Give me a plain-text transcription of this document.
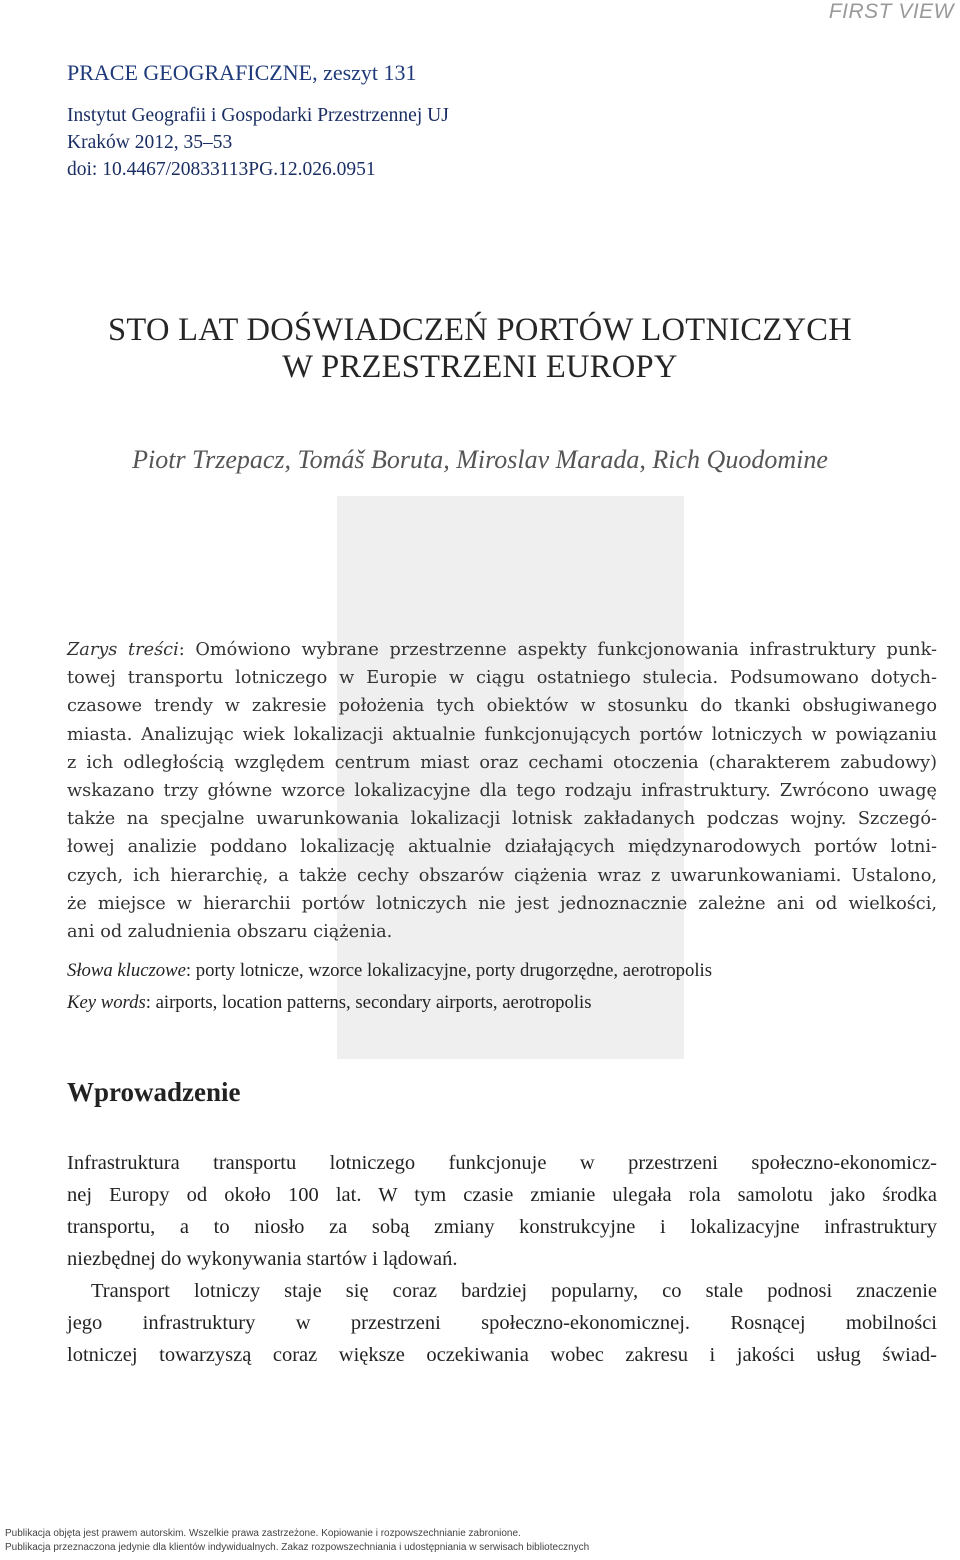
FIRST VIEW
PRACE GEOGRAFICZNE, zeszyt 131
Instytut Geografii i Gospodarki Przestrzennej UJ
Kraków 2012, 35–53
doi: 10.4467/20833113PG.12.026.0951
STO LAT DOŚWIADCZEŃ PORTÓW LOTNICZYCH
W PRZESTRZENI EUROPY
Piotr Trzepacz, Tomáš Boruta, Miroslav Marada, Rich Quodomine
Zarys treści: Omówiono wybrane przestrzenne aspekty funkcjonowania infrastruktury punk-
towej transportu lotniczego w Europie w ciągu ostatniego stulecia. Podsumowano dotych-
czasowe trendy w zakresie położenia tych obiektów w stosunku do tkanki obsługiwanego
miasta. Analizując wiek lokalizacji aktualnie funkcjonujących portów lotniczych w powiązaniu
z ich odległością względem centrum miast oraz cechami otoczenia (charakterem zabudowy)
wskazano trzy główne wzorce lokalizacyjne dla tego rodzaju infrastruktury. Zwrócono uwagę
także na specjalne uwarunkowania lokalizacji lotnisk zakładanych podczas wojny. Szczegó-
łowej analizie poddano lokalizację aktualnie działających międzynarodowych portów lotni-
czych, ich hierarchię, a także cechy obszarów ciążenia wraz z uwarunkowaniami. Ustalono,
że miejsce w hierarchii portów lotniczych nie jest jednoznacznie zależne ani od wielkości,
ani od zaludnienia obszaru ciążenia.
Słowa kluczowe: porty lotnicze, wzorce lokalizacyjne, porty drugorzędne, aerotropolis
Key words: airports, location patterns, secondary airports, aerotropolis
Wprowadzenie
Infrastruktura transportu lotniczego funkcjonuje w przestrzeni społeczno-ekonomicz-
nej Europy od około 100 lat. W tym czasie zmianie ulegała rola samolotu jako środka
transportu, a to niosło za sobą zmiany konstrukcyjne i lokalizacyjne infrastruktury
niezbędnej do wykonywania startów i lądowań.
Transport lotniczy staje się coraz bardziej popularny, co stale podnosi znaczenie
jego infrastruktury w przestrzeni społeczno-ekonomicznej. Rosnącej mobilności
lotniczej towarzyszą coraz większe oczekiwania wobec zakresu i jakości usług świad-
Publikacja objęta jest prawem autorskim. Wszelkie prawa zastrzeżone. Kopiowanie i rozpowszechnianie zabronione.
Publikacja przeznaczona jedynie dla klientów indywidualnych. Zakaz rozpowszechniania i udostępniania w serwisach bibliotecznych
